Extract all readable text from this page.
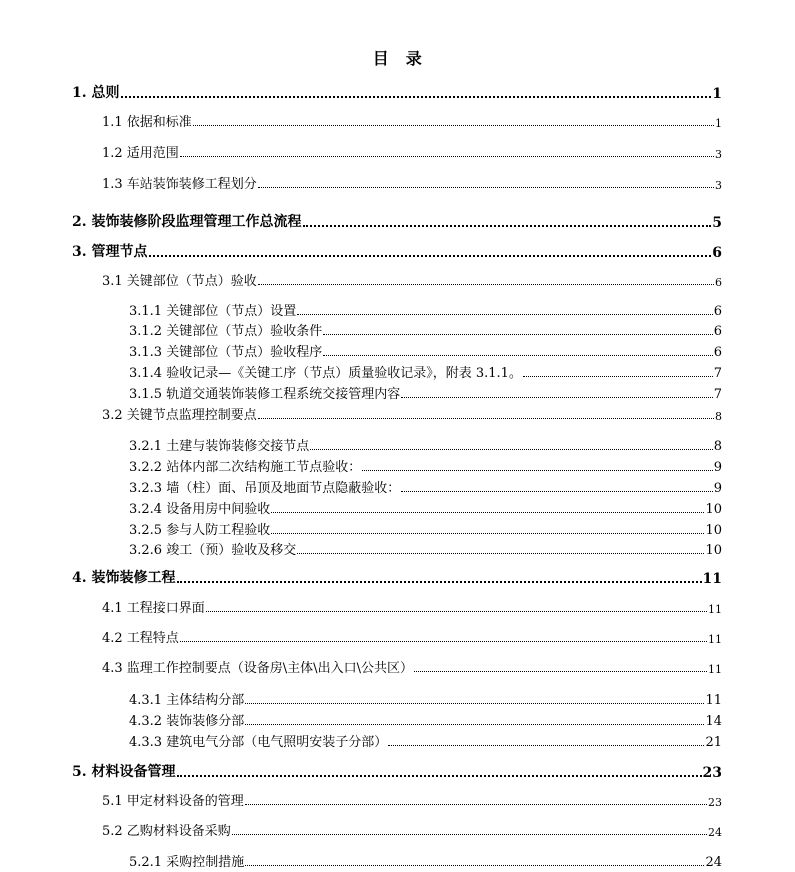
目　录
1. 总则	1
1.1 依据和标准	1
1.2 适用范围	3
1.3 车站装饰装修工程划分	3
2. 装饰装修阶段监理管理工作总流程	5
3. 管理节点	6
3.1 关键部位（节点）验收	6
3.1.1 关键部位（节点）设置	6
3.1.2 关键部位（节点）验收条件	6
3.1.3 关键部位（节点）验收程序	6
3.1.4 验收记录—《关键工序（节点）质量验收记录》，附表 3.1.1。	7
3.1.5 轨道交通装饰装修工程系统交接管理内容	7
3.2 关键节点监理控制要点	8
3.2.1 土建与装饰装修交接节点	8
3.2.2 站体内部二次结构施工节点验收：	9
3.2.3 墙（柱）面、吊顶及地面节点隐蔽验收：	9
3.2.4 设备用房中间验收	10
3.2.5 参与人防工程验收	10
3.2.6 竣工（预）验收及移交	10
4. 装饰装修工程	11
4.1 工程接口界面	11
4.2 工程特点	11
4.3 监理工作控制要点（设备房\主体\出入口\公共区）	11
4.3.1 主体结构分部	11
4.3.2 装饰装修分部	14
4.3.3 建筑电气分部（电气照明安装子分部）	21
5. 材料设备管理	23
5.1 甲定材料设备的管理	23
5.2 乙购材料设备采购	24
5.2.1 采购控制措施	24
